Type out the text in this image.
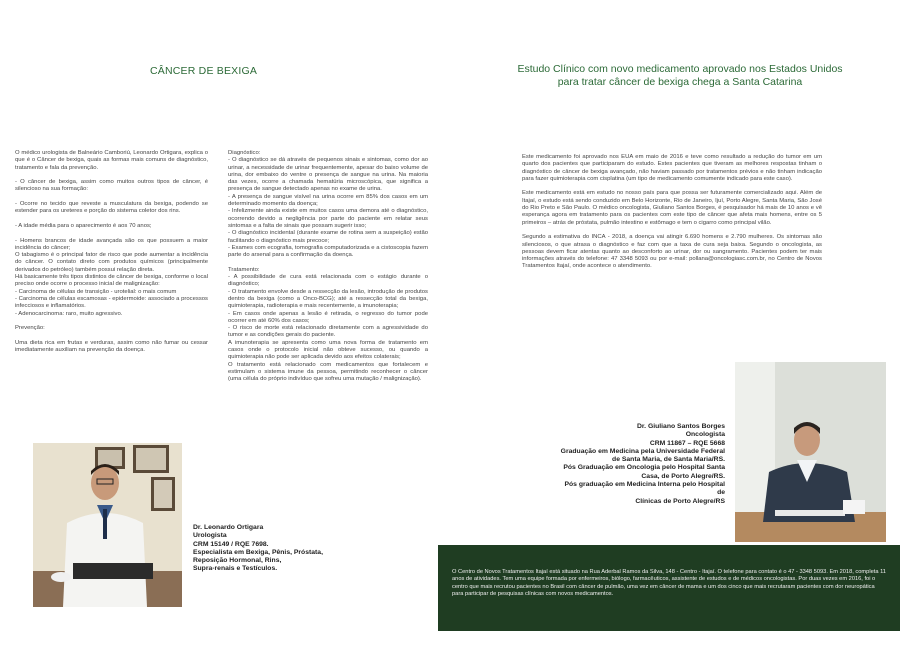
CÂNCER DE BEXIGA

O médico urologista de Balneário Camboriú, Leonardo Ortigara, explica o que é o Câncer de bexiga, quais as formas mais comuns de diagnóstico, tratamento e fala da prevenção.

- O câncer de bexiga, assim como muitos outros tipos de câncer, é silencioso na sua formação:

- Ocorre no tecido que reveste a musculatura da bexiga, podendo se estender para os ureteres e porção do sistema coletor dos rins.

- A idade média para o aparecimento é aos 70 anos;

- Homens brancos de idade avançada são os que possuem a maior incidência do câncer;
O tabagismo é o principal fator de risco que pode aumentar a incidência do câncer. O contato direto com produtos químicos (principalmente derivados do petróleo) também possui relação direta.
Há basicamente três tipos distintos de câncer de bexiga, conforme o local preciso onde ocorre o processo inicial de malignização:
- Carcinoma de células de transição - urotelial: o mais comum
- Carcinoma de células escamosas - epidermoide: associado a processos infecciosos e inflamatórios.
- Adenocarcinoma: raro, muito agressivo.

Prevenção:

Uma dieta rica em frutas e verduras, assim como não fumar ou cessar imediatamente auxiliam na prevenção da doença.

Diagnóstico:
- O diagnóstico se dá através de pequenos sinais e sintomas, como dor ao urinar, a necessidade de urinar frequentemente, apesar do baixo volume de urina, dor embaixo do ventre o presença de sangue na urina. Na maioria das vezes, ocorre a chamada hematúria microscópica, que significa a presença de sangue detectado apenas no exame de urina.
- A presença de sangue visível na urina ocorre em 85% dos casos em um determinado momento da doença;
- Infelizmente ainda existe em muitos casos uma demora até o diagnóstico, ocorrendo devido a negligência por parte do paciente em relatar seus sintomas e a falta de sinais que possam sugerir isso;
- O diagnóstico incidental (durante exame de rotina sem a suspeição) estão facilitando o diagnóstico mais precoce;
- Exames com ecografia, tomografia computadorizada e a cistoscopia fazem parte do arsenal para a confirmação da doença.

Tratamento:
- A possibilidade de cura está relacionada com o estágio durante o diagnóstico;
- O tratamento envolve desde a ressecção da lesão, introdução de produtos dentro da bexiga (como a Onco-BCG); até a ressecção total da bexiga, quimioterapia, radioterapia e mais recentemente, a imunoterapia;
- Em casos onde apenas a lesão é retirada, o regresso do tumor pode ocorrer em até 60% dos casos;
- O risco de morte está relacionado diretamente com a agressividade do tumor e as condições gerais do paciente.
A imunoterapia se apresenta como uma nova forma de tratamento em casos onde o protocolo inicial não obteve sucesso, ou quando a quimioterapia não pode ser aplicada devido aos efeitos colaterais;
O tratamento está relacionado com medicamentos que fortalecem e estimulam o sistema imune da pessoa, permitindo reconhecer o câncer (uma célula do próprio indivíduo que sofreu uma mutação / malignização).

Dr. Leonardo Ortigara
Urologista
CRM 15149 / RQE 7698.
Especialista em Bexiga, Pênis, Próstata,
Reposição Hormonal, Rins,
Supra-renais e Testículos.
Estudo Clínico com novo medicamento aprovado nos Estados Unidos
para tratar câncer de bexiga chega a Santa Catarina

Este medicamento foi aprovado nos EUA em maio de 2016 e teve como resultado a redução do tumor em um quarto dos pacientes que participaram do estudo. Estes pacientes que tiveram as melhores respostas tinham o diagnóstico de câncer de bexiga avançado, não haviam passado por tratamentos prévios e não tinham indicação para fazer quimioterapia com cisplatina (um tipo de medicamento comumente indicado para este caso).

Este medicamento está em estudo no nosso país para que possa ser futuramente comercializado aqui. Além de Itajaí, o estudo está sendo conduzido em Belo Horizonte, Rio de Janeiro, Ijuí, Porto Alegre, Santa Maria, São José do Rio Preto e São Paulo. O médico oncologista, Giuliano Santos Borges, é pesquisador há mais de 10 anos e vê esperança agora em tratamento para os pacientes com este tipo de câncer que afeta mais homens, entre os 5 primeiros – atrás de próstata, pulmão intestino e estômago e tem o cigarro como principal vilão.

Segundo a estimativa do INCA - 2018, a doença vai atingir 6.690 homens e 2.790 mulheres. Os sintomas são silenciosos, o que atrasa o diagnóstico e faz com que a taxa de cura seja baixa. Segundo o oncologista, as pessoas devem ficar atentas quanto ao desconforto ao urinar, dor ou sangramento. Pacientes podem ter mais informações através do telefone: 47 3348 5093 ou por e-mail: pollana@oncologiasc.com.br, no Centro de Novos Tratamentos Itajaí, onde acontece o atendimento.

Dr. Giuliano Santos Borges
Oncologista
CRM 11867 – RQE 5668
Graduação em Medicina pela Universidade Federal
de Santa Maria, de Santa Maria/RS.
Pós Graduação em Oncologia pelo Hospital Santa
Casa, de Porto Alegre/RS.
Pós graduação em Medicina Interna pelo Hospital de
Clínicas de Porto Alegre/RS
O Centro de Novos Tratamentos Itajaí está situado na Rua Aderbal Ramos da Silva, 148 - Centro - Itajaí. O telefone para contato é o 47 - 3348 5093. Em 2018, completa 11 anos de atividades. Tem uma equipe formada por enfermeiros, biólogo, farmacêuticos, assistente de estudos e de médicos oncologistas. Por duas vezes em 2016, foi o centro que mais recrutou pacientes no Brasil com câncer de pulmão, uma vez em câncer de mama e um dos cinco que mais recrutaram pacientes com dor neuropática para participar de pesquisas clínicas com novos medicamentos.
